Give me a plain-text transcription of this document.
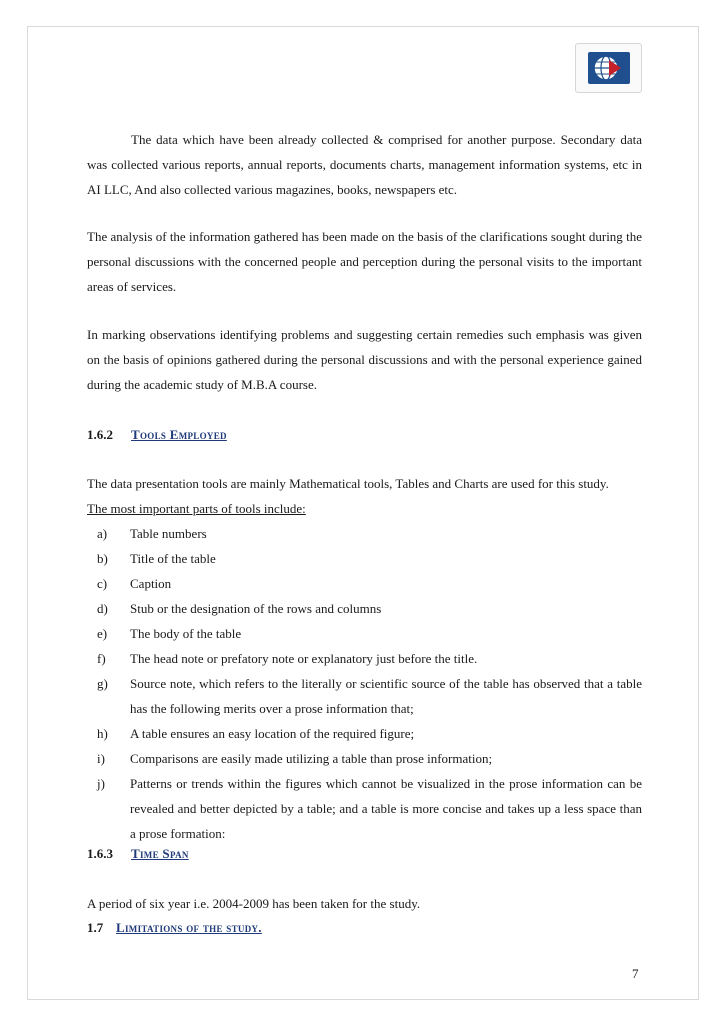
The data which have been already collected & comprised for another purpose. Secondary data was collected various reports, annual reports, documents charts, management information systems, etc in AI LLC, And also collected various magazines, books, newspapers etc.

The analysis of the information gathered has been made on the basis of the clarifications sought during the personal discussions with the concerned people and perception during the personal visits to the important areas of services.

In marking observations identifying problems and suggesting certain remedies such emphasis was given on the basis of opinions gathered during the personal discussions and with the personal experience gained during the academic study of M.B.A course.

1.6.2 Tools Employed

The data presentation tools are mainly Mathematical tools, Tables and Charts are used for this study.

The most important parts of tools include:

a) Table numbers
b) Title of the table
c) Caption
d) Stub or the designation of the rows and columns
e) The body of the table
f) The head note or prefatory note or explanatory just before the title.
g) Source note, which refers to the literally or scientific source of the table has observed that a table has the following merits over a prose information that;
h) A table ensures an easy location of the required figure;
i) Comparisons are easily made utilizing a table than prose information;
j) Patterns or trends within the figures which cannot be visualized in the prose information can be revealed and better depicted by a table; and a table is more concise and takes up a less space than a prose formation:
1.6.3 Time Span

A period of six year i.e. 2004-2009 has been taken for the study.

1.7 Limitations of the study.
7
